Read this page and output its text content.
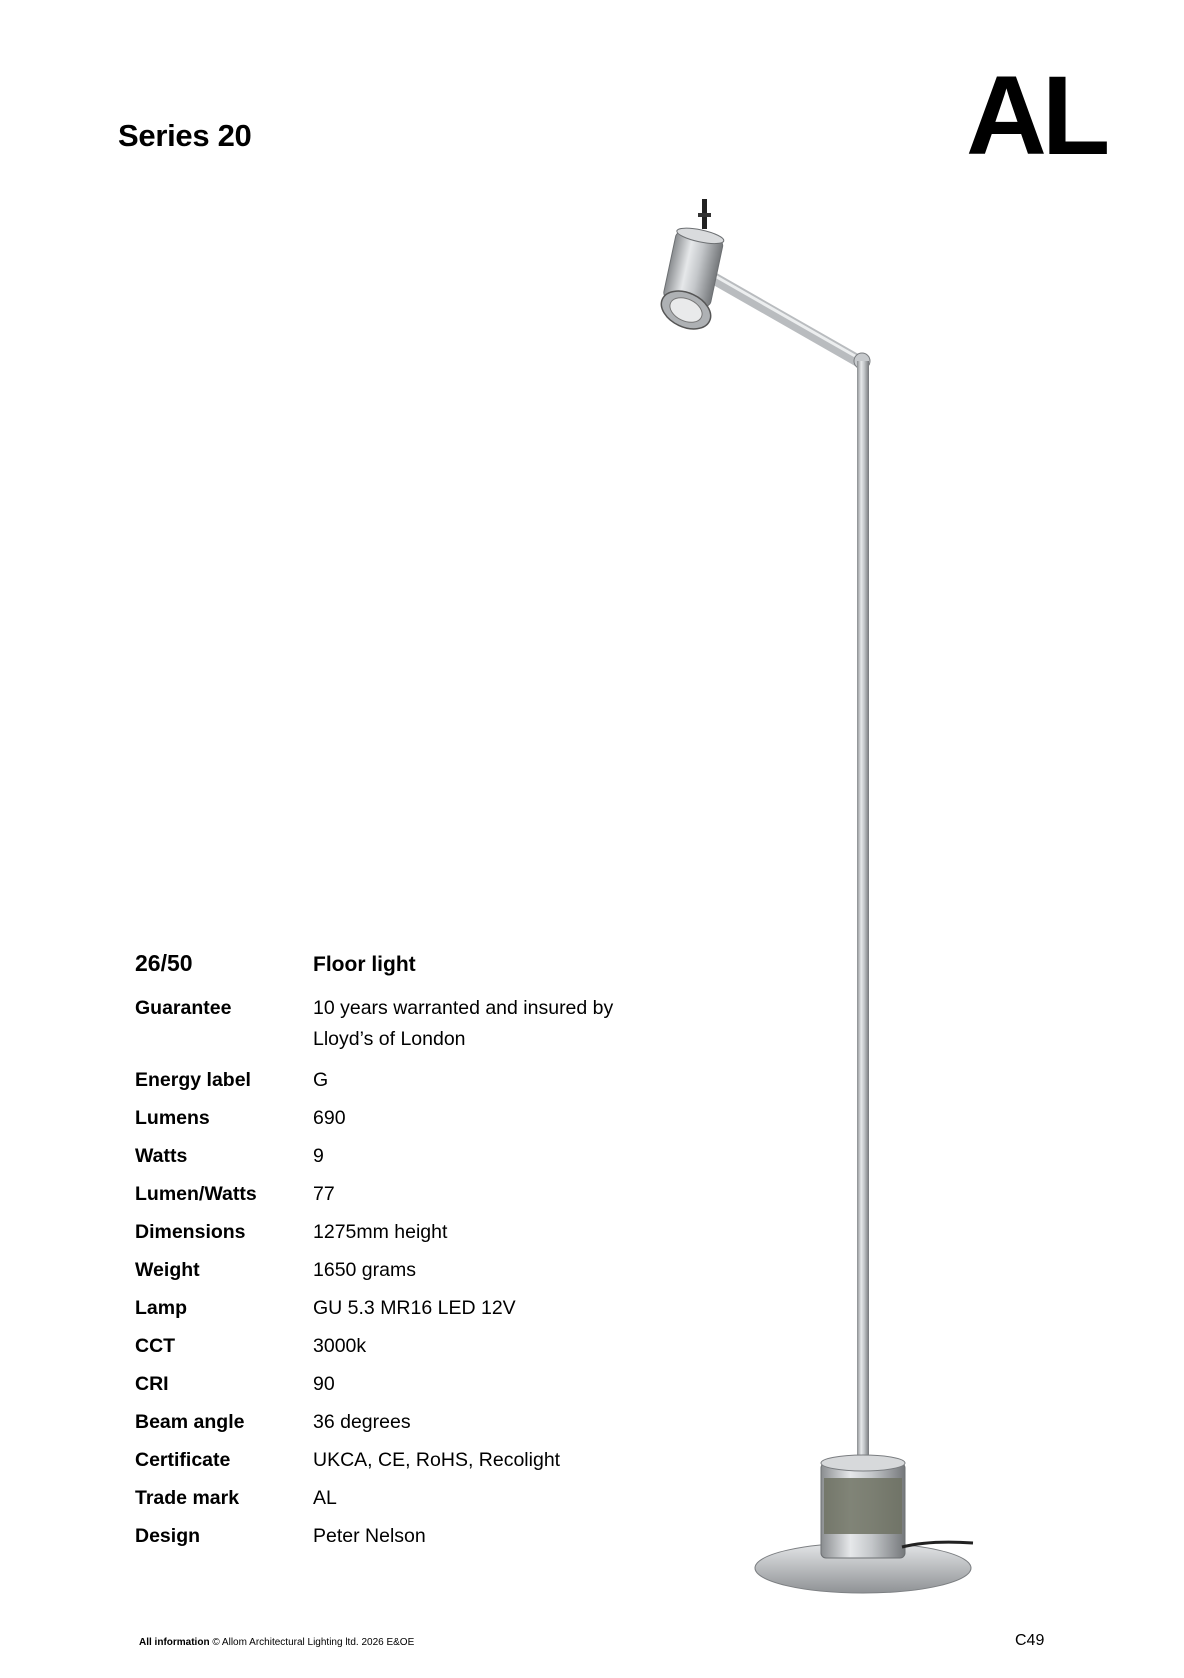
Series 20	AL
26/50	Floor light
Guarantee	10 years warranted and insured by Lloyd’s of London
Energy label	G
Lumens	690
Watts	9
Lumen/Watts	77
Dimensions	1275mm height
Weight	1650 grams
Lamp	GU 5.3 MR16 LED 12V
CCT	3000k
CRI	90
Beam angle	36 degrees
Certificate	UKCA, CE, RoHS, Recolight
Trade mark	AL
Design	Peter Nelson
All information © Allom Architectural Lighting ltd. 2026 E&OE	C49
